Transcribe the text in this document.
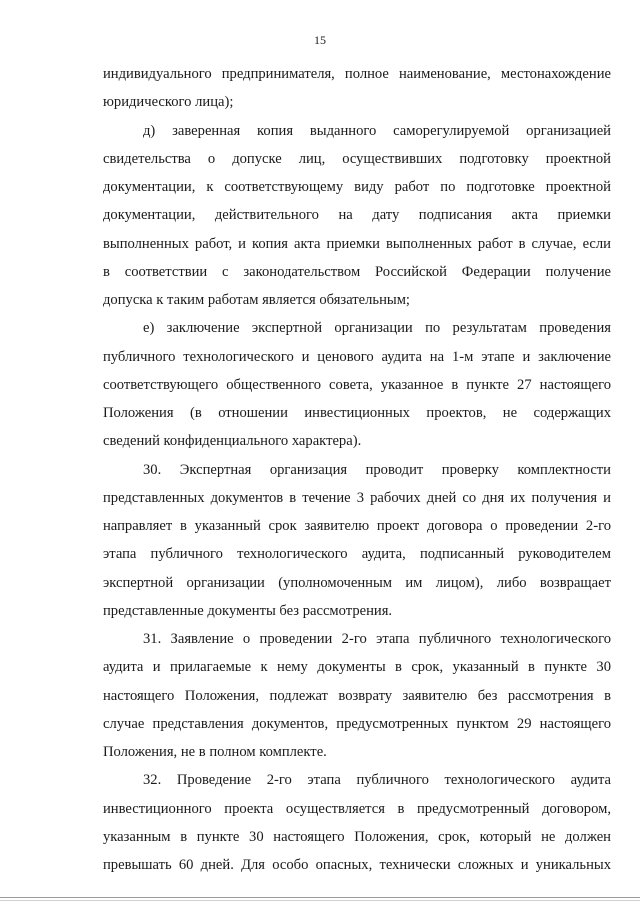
15
индивидуального предпринимателя, полное наименование, местонахождение
юридического лица);
д) заверенная копия выданного саморегулируемой организацией
свидетельства о допуске лиц, осуществивших подготовку проектной
документации, к соответствующему виду работ по подготовке проектной
документации, действительного на дату подписания акта приемки
выполненных работ, и копия акта приемки выполненных работ в случае, если
в соответствии с законодательством Российской Федерации получение
допуска к таким работам является обязательным;
е) заключение экспертной организации по результатам проведения
публичного технологического и ценового аудита на 1-м этапе и заключение
соответствующего общественного совета, указанное в пункте 27 настоящего
Положения (в отношении инвестиционных проектов, не содержащих
сведений конфиденциального характера).
30. Экспертная организация проводит проверку комплектности
представленных документов в течение 3 рабочих дней со дня их получения и
направляет в указанный срок заявителю проект договора о проведении 2-го
этапа публичного технологического аудита, подписанный руководителем
экспертной организации (уполномоченным им лицом), либо возвращает
представленные документы без рассмотрения.
31. Заявление о проведении 2-го этапа публичного технологического
аудита и прилагаемые к нему документы в срок, указанный в пункте 30
настоящего Положения, подлежат возврату заявителю без рассмотрения в
случае представления документов, предусмотренных пунктом 29 настоящего
Положения, не в полном комплекте.
32. Проведение 2-го этапа публичного технологического аудита
инвестиционного проекта осуществляется в предусмотренный договором,
указанным в пункте 30 настоящего Положения, срок, который не должен
превышать 60 дней. Для особо опасных, технически сложных и уникальных
